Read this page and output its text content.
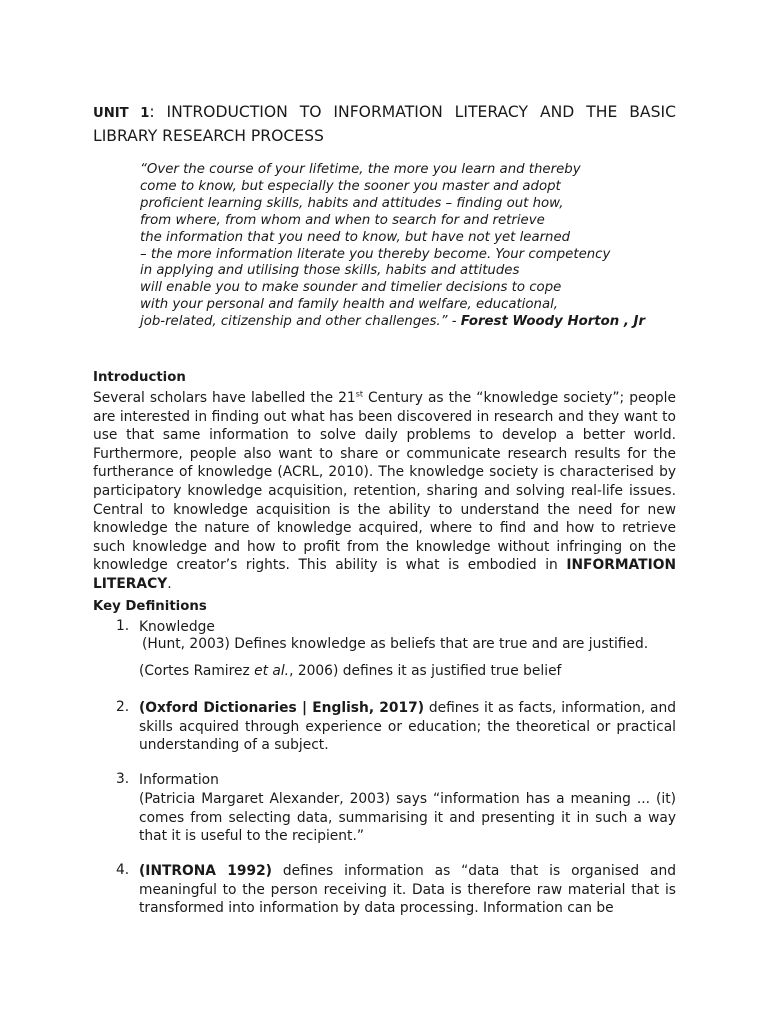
UNIT 1: INTRODUCTION TO INFORMATION LITERACY AND THE BASIC
LIBRARY RESEARCH PROCESS
“Over the course of your lifetime, the more you learn and thereby
come to know, but especially the sooner you master and adopt
proficient learning skills, habits and attitudes – finding out how,
from where, from whom and when to search for and retrieve
the information that you need to know, but have not yet learned
– the more information literate you thereby become. Your competency
in applying and utilising those skills, habits and attitudes
will enable you to make sounder and timelier decisions to cope
with your personal and family health and welfare, educational,
job-related, citizenship and other challenges.” - Forest Woody Horton , Jr
Introduction
Several scholars have labelled the 21st Century as the “knowledge society”; people are interested in finding out what has been discovered in research and they want to use that same information to solve daily problems to develop a better world. Furthermore, people also want to share or communicate research results for the furtherance of knowledge (ACRL, 2010). The knowledge society is characterised by participatory knowledge acquisition, retention, sharing and solving real-life issues. Central to knowledge acquisition is the ability to understand the need for new knowledge the nature of knowledge acquired, where to find and how to retrieve such knowledge and how to profit from the knowledge without infringing on the knowledge creator’s rights. This ability is what is embodied in INFORMATION LITERACY.
Key Definitions
1. Knowledge
(Hunt, 2003) Defines knowledge as beliefs that are true and are justified.
(Cortes Ramirez et al., 2006) defines it as justified true belief
2. (Oxford Dictionaries | English, 2017) defines it as facts, information, and skills acquired through experience or education; the theoretical or practical understanding of a subject.
3. Information
(Patricia Margaret Alexander, 2003) says “information has a meaning ... (it) comes from selecting data, summarising it and presenting it in such a way that it is useful to the recipient.”
4. (INTRONA 1992) defines information as “data that is organised and meaningful to the person receiving it. Data is therefore raw material that is transformed into information by data processing. Information can be
